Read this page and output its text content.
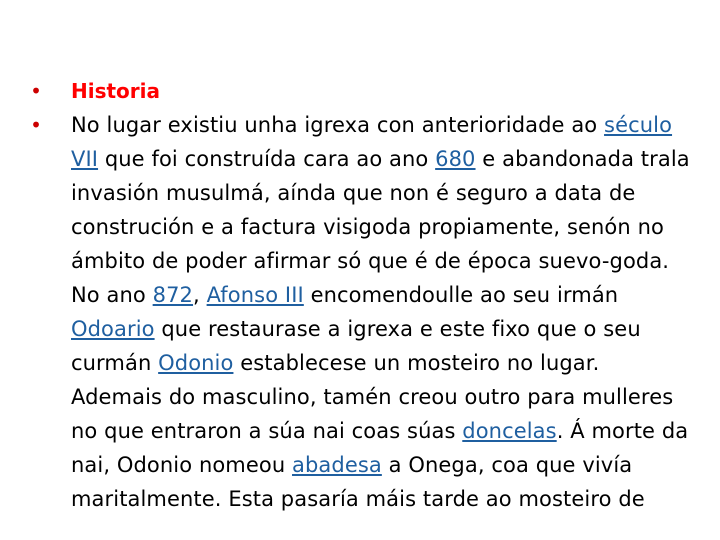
• Historia
• No lugar existiu unha igrexa con anterioridade ao século VII que foi construída cara ao ano 680 e abandonada trala invasión musulmá, aínda que non é seguro a data de construción e a factura visigoda propiamente, senón no ámbito de poder afirmar só que é de época suevo-goda. No ano 872, Afonso III encomendoulle ao seu irmán Odoario que restaurase a igrexa e este fixo que o seu curmán Odonio establecese un mosteiro no lugar. Ademais do masculino, tamén creou outro para mulleres no que entraron a súa nai coas súas doncelas. Á morte da nai, Odonio nomeou abadesa a Onega, coa que vivía maritalmente. Esta pasaría máis tarde ao mosteiro de
